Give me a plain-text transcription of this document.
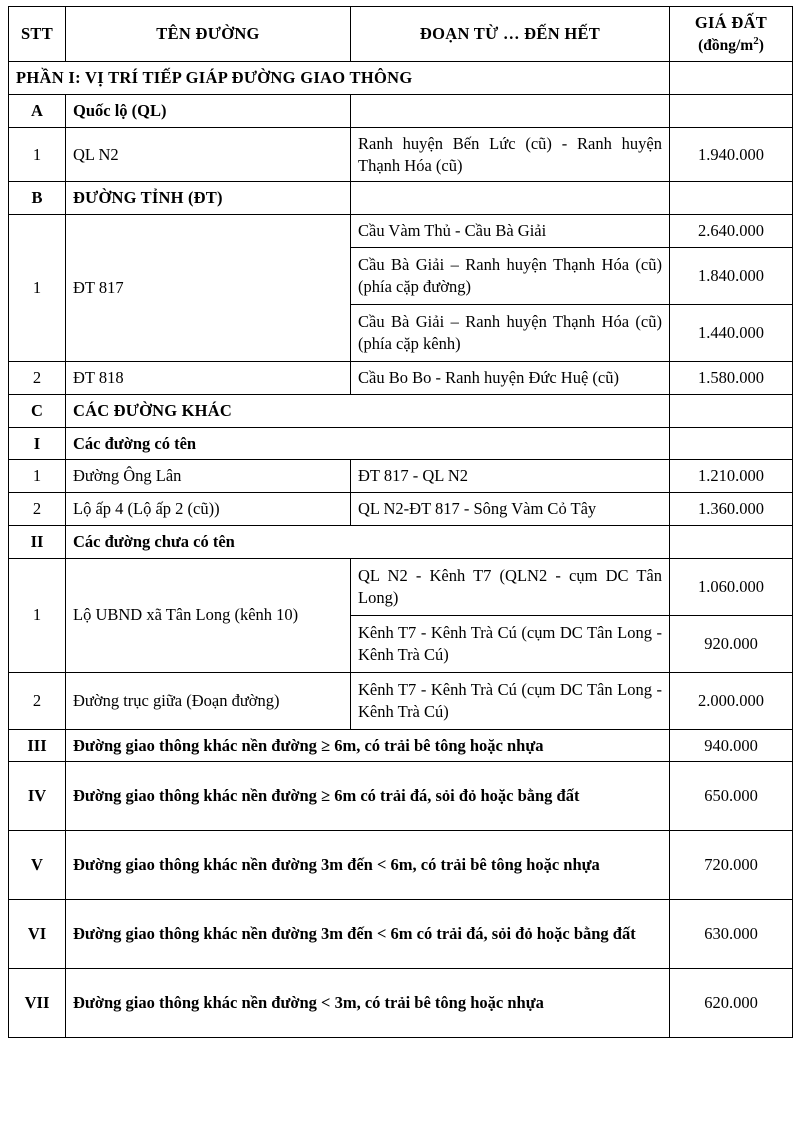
STT	TÊN ĐƯỜNG	ĐOẠN TỪ … ĐẾN HẾT	GIÁ ĐẤT
$(đồng/m^2)$

PHẦN I: VỊ TRÍ TIẾP GIÁP ĐƯỜNG GIAO THÔNG			
A	Quốc lộ (QL)		
1	QL N2	Ranh huyện Bến Lức (cũ) - Ranh huyện Thạnh Hóa (cũ)	1.940.000
B	ĐƯỜNG TỈNH (ĐT)		
1	ĐT 817	Cầu Vàm Thủ - Cầu Bà Giải	2.640.000
		Cầu Bà Giải – Ranh huyện Thạnh Hóa (cũ) (phía cặp đường)	1.840.000
		Cầu Bà Giải – Ranh huyện Thạnh Hóa (cũ) (phía cặp kênh)	1.440.000
2	ĐT 818	Cầu Bo Bo - Ranh huyện Đức Huệ (cũ)	1.580.000
C	CÁC ĐƯỜNG KHÁC		
I	Các đường có tên		
1	Đường Ông Lân	ĐT 817 - QL N2	1.210.000
2	Lộ ấp 4 (Lộ ấp 2 (cũ))	QL N2-ĐT 817 - Sông Vàm Cỏ Tây	1.360.000
II	Các đường chưa có tên		
1	Lộ UBND xã Tân Long (kênh 10)	QL N2 - Kênh T7 (QLN2 - cụm DC Tân Long)	1.060.000
		Kênh T7 - Kênh Trà Cú (cụm DC Tân Long - Kênh Trà Cú)	920.000
2	Đường trục giữa (Đoạn đường)	Kênh T7 - Kênh Trà Cú (cụm DC Tân Long - Kênh Trà Cú)	2.000.000
III	Đường giao thông khác nền đường ≥ 6m, có trải bê tông hoặc nhựa		940.000
IV	Đường giao thông khác nền đường ≥ 6m có trải đá, sỏi đỏ hoặc bằng đất		650.000
V	Đường giao thông khác nền đường 3m đến < 6m, có trải bê tông hoặc nhựa		720.000
VI	Đường giao thông khác nền đường 3m đến < 6m có trải đá, sỏi đỏ hoặc bằng đất		630.000
VII	Đường giao thông khác nền đường < 3m, có trải bê tông hoặc nhựa		620.000
